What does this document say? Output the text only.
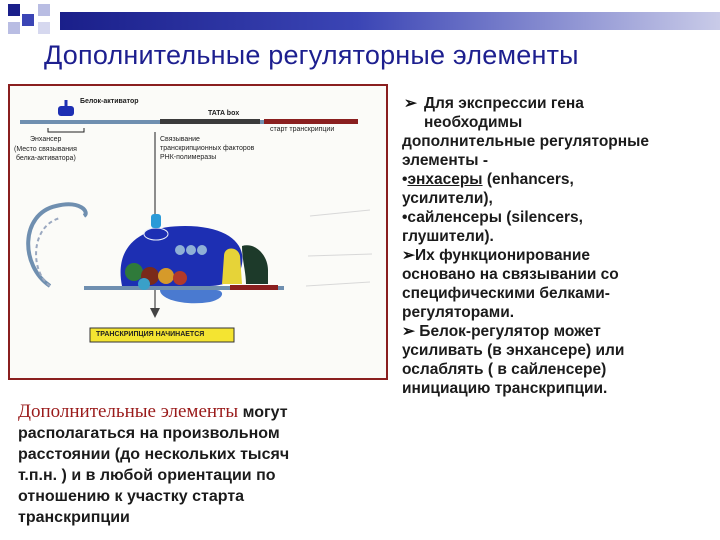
Дополнительные регуляторные элементы
Белок-активатор
Энхансер
(Место связывания
белка-активатора)
TATA box
старт транскрипции
Связывание
транскрипционных факторов
РНК-полимеразы
ТРАНСКРИПЦИЯ НАЧИНАЕТСЯ
➢ Для экспрессии гена
необходимы
дополнительные регуляторные
элементы -
•энхасеры (enhancers,
усилители),
•сайленсеры (silencers,
глушители).
➢Их функционирование
основано на связывании со
специфическими белками-
регуляторами.
➢ Белок-регулятор может
усиливать (в энхансере) или
ослаблять ( в сайленсере)
инициацию транскрипции.
Дополнительные элементы могут
располагаться на произвольном
расстоянии (до нескольких тысяч
т.п.н. ) и в любой ориентации по
отношению к участку старта
транскрипции
